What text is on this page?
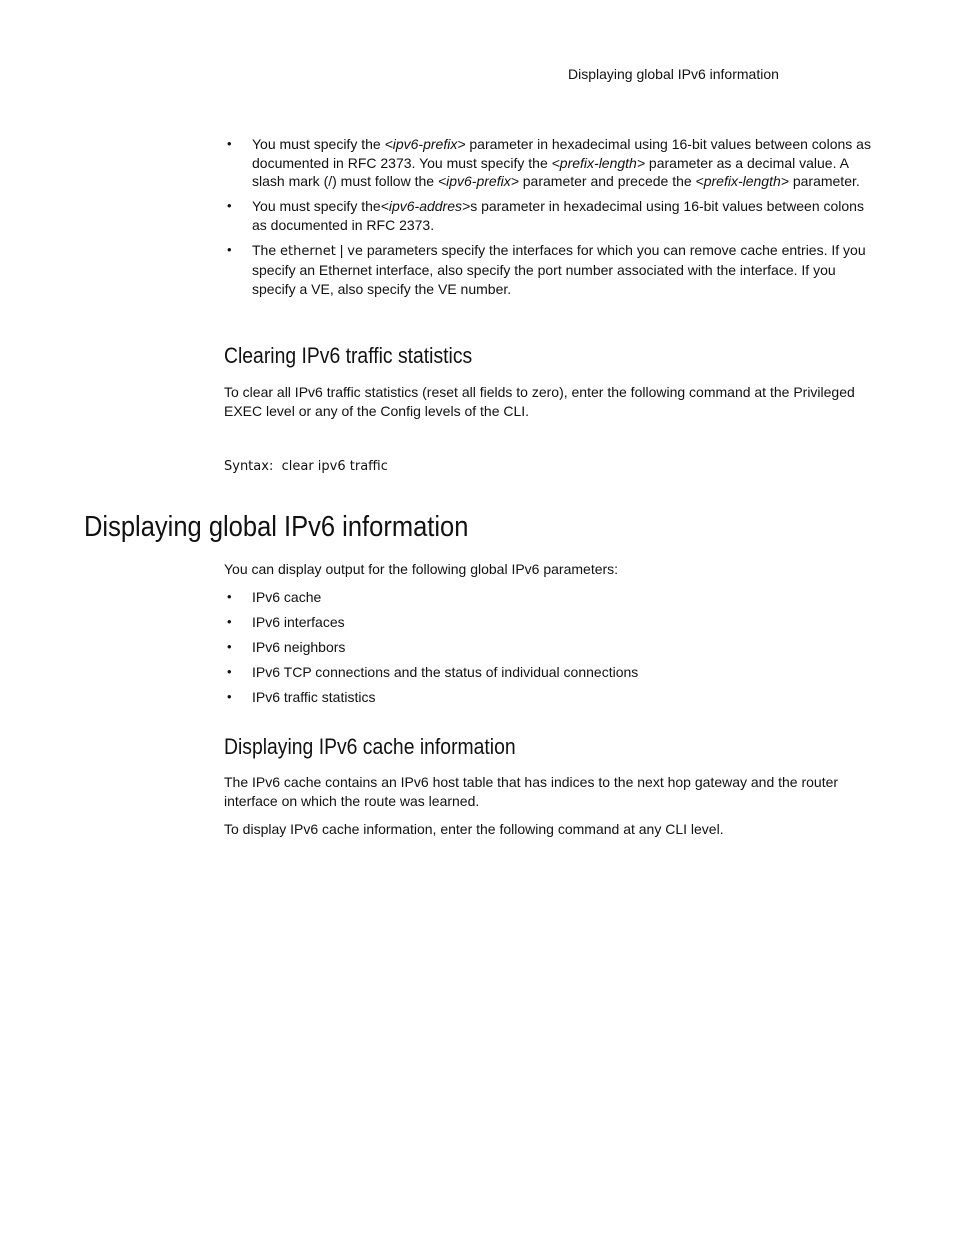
Displaying global IPv6 information
• You must specify the <ipv6-prefix> parameter in hexadecimal using 16-bit values between colons as documented in RFC 2373. You must specify the <prefix-length> parameter as a decimal value. A slash mark (/) must follow the <ipv6-prefix> parameter and precede the <prefix-length> parameter.
• You must specify the<ipv6-addres>s parameter in hexadecimal using 16-bit values between colons as documented in RFC 2373.
• The ethernet | ve parameters specify the interfaces for which you can remove cache entries. If you specify an Ethernet interface, also specify the port number associated with the interface. If you specify a VE, also specify the VE number.
Clearing IPv6 traffic statistics

To clear all IPv6 traffic statistics (reset all fields to zero), enter the following command at the Privileged EXEC level or any of the Config levels of the CLI.

Syntax: clear ipv6 traffic
Displaying global IPv6 information

You can display output for the following global IPv6 parameters:

• IPv6 cache
• IPv6 interfaces
• IPv6 neighbors
• IPv6 TCP connections and the status of individual connections
• IPv6 traffic statistics
Displaying IPv6 cache information

The IPv6 cache contains an IPv6 host table that has indices to the next hop gateway and the router interface on which the route was learned.

To display IPv6 cache information, enter the following command at any CLI level.
